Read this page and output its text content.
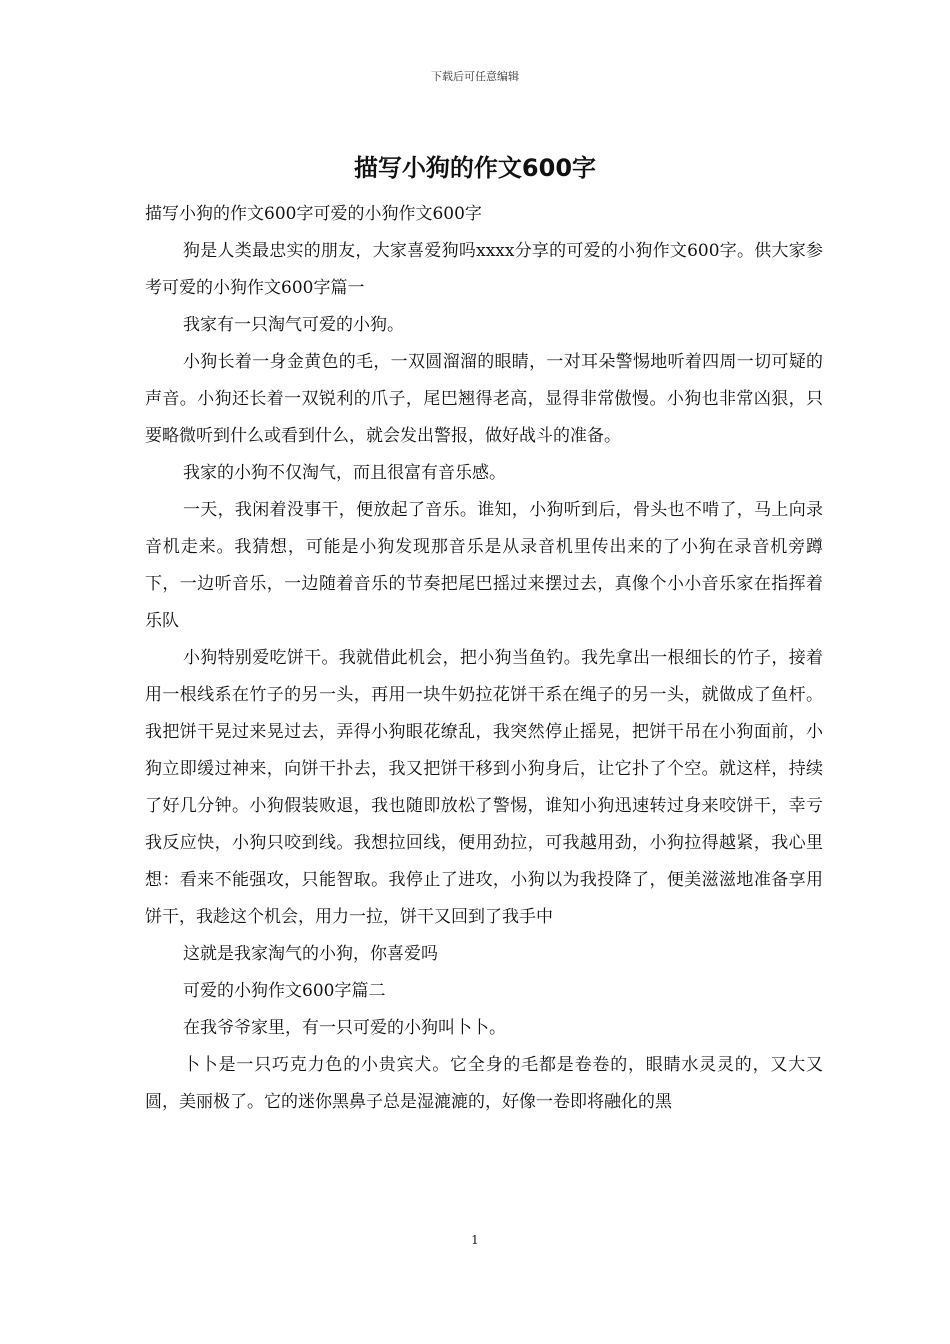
下载后可任意编辑
描写小狗的作文600字

描写小狗的作文600字可爱的小狗作文600字

狗是人类最忠实的朋友，大家喜爱狗吗xxxx分享的可爱的小狗作文600字。供大家参考可爱的小狗作文600字篇一

我家有一只淘气可爱的小狗。

小狗长着一身金黄色的毛，一双圆溜溜的眼睛，一对耳朵警惕地听着四周一切可疑的声音。小狗还长着一双锐利的爪子，尾巴翘得老高，显得非常傲慢。小狗也非常凶狠，只要略微听到什么或看到什么，就会发出警报，做好战斗的准备。

我家的小狗不仅淘气，而且很富有音乐感。

一天，我闲着没事干，便放起了音乐。谁知，小狗听到后，骨头也不啃了，马上向录音机走来。我猜想，可能是小狗发现那音乐是从录音机里传出来的了小狗在录音机旁蹲下，一边听音乐，一边随着音乐的节奏把尾巴摇过来摆过去，真像个小小音乐家在指挥着乐队

小狗特别爱吃饼干。我就借此机会，把小狗当鱼钓。我先拿出一根细长的竹子，接着用一根线系在竹子的另一头，再用一块牛奶拉花饼干系在绳子的另一头，就做成了鱼杆。我把饼干晃过来晃过去，弄得小狗眼花缭乱，我突然停止摇晃，把饼干吊在小狗面前，小狗立即缓过神来，向饼干扑去，我又把饼干移到小狗身后，让它扑了个空。就这样，持续了好几分钟。小狗假装败退，我也随即放松了警惕，谁知小狗迅速转过身来咬饼干，幸亏我反应快，小狗只咬到线。我想拉回线，便用劲拉，可我越用劲，小狗拉得越紧，我心里想：看来不能强攻，只能智取。我停止了进攻，小狗以为我投降了，便美滋滋地准备享用饼干，我趁这个机会，用力一拉，饼干又回到了我手中

这就是我家淘气的小狗，你喜爱吗

可爱的小狗作文600字篇二

在我爷爷家里，有一只可爱的小狗叫卜卜。

卜卜是一只巧克力色的小贵宾犬。它全身的毛都是卷卷的，眼睛水灵灵的，又大又圆，美丽极了。它的迷你黑鼻子总是湿漉漉的，好像一卷即将融化的黑

1
